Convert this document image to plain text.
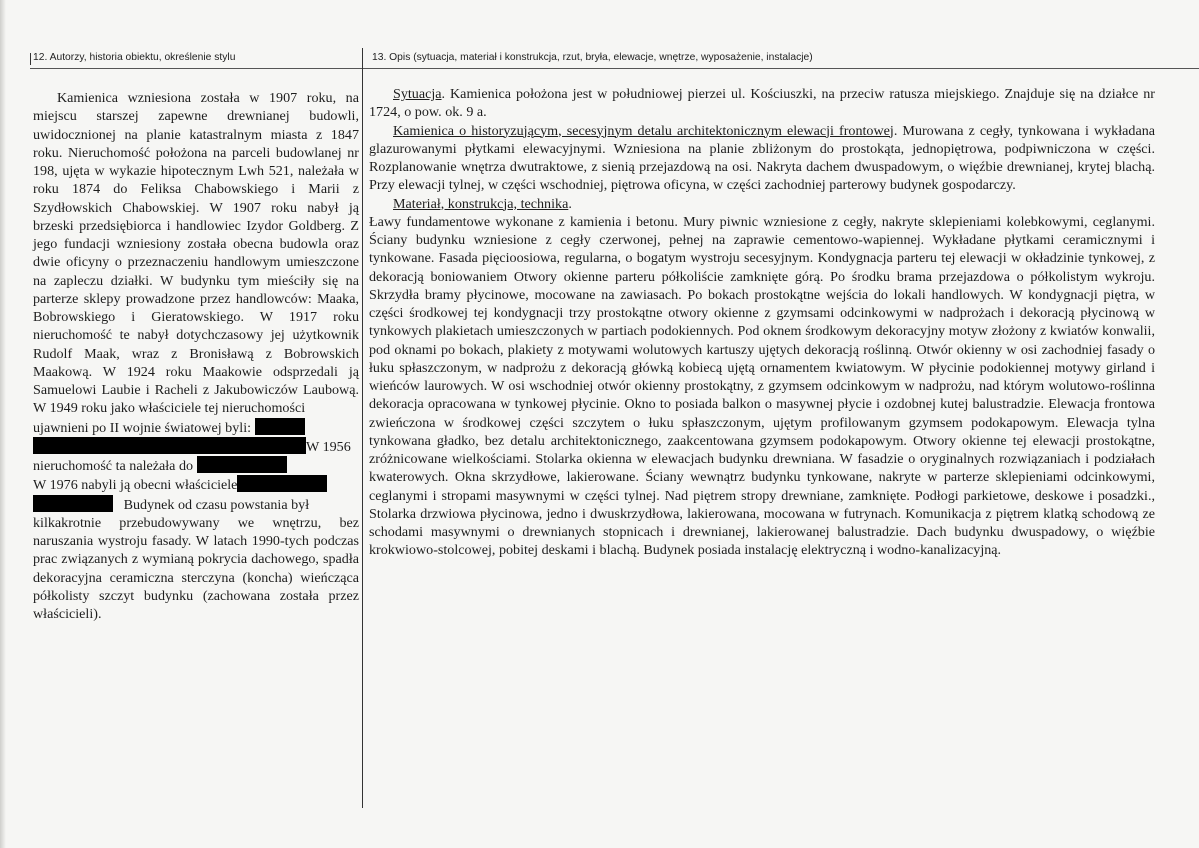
12. Autorzy, historia obiektu, określenie stylu	13. Opis (sytuacja, materiał i konstrukcja, rzut, bryła, elewacje, wnętrze, wyposażenie, instalacje)

Kamienica wzniesiona została w 1907 roku, na miejscu starszej zapewne drewnianej budowli, uwidocznionej na planie katastralnym miasta z 1847 roku. Nieruchomość położona na parceli budowlanej nr 198, ujęta w wykazie hipotecznym Lwh 521, należała w roku 1874 do Feliksa Chabowskiego i Marii z Szydłowskich Chabowskiej. W 1907 roku nabył ją brzeski przedsiębiorca i handlowiec Izydor Goldberg. Z jego fundacji wzniesiony została obecna budowla oraz dwie oficyny o przeznaczeniu handlowym umieszczone na zapleczu działki. W budynku tym mieściły się na parterze sklepy prowadzone przez handlowców: Maaka, Bobrowskiego i Gieratowskiego. W 1917 roku nieruchomość te nabył dotychczasowy jej użytkownik Rudolf Maak, wraz z Bronisławą z Bobrowskich Maakową. W 1924 roku Maakowie odsprzedali ją Samuelowi Laubie i Racheli z Jakubowiczów Laubową. W 1949 roku jako właściciele tej nieruchomości

ujawnieni po II wojnie światowej byli:
W 1956
nieruchomość ta należała do
W 1976 nabyli ją obecni właściciele
Budynek od czasu powstania był

kilkakrotnie przebudowywany we wnętrzu, bez naruszania wystroju fasady. W latach 1990-tych podczas prac związanych z wymianą pokrycia dachowego, spadła dekoracyjna ceramiczna sterczyna (koncha) wieńcząca półkolisty szczyt budynku (zachowana została przez właścicieli).

Sytuacja. Kamienica położona jest w południowej pierzei ul. Kościuszki, na przeciw ratusza miejskiego. Znajduje się na działce nr 1724, o pow. ok. 9 a.

Kamienica o historyzującym, secesyjnym detalu architektonicznym elewacji frontowej. Murowana z cegły, tynkowana i wykładana glazurowanymi płytkami elewacyjnymi. Wzniesiona na planie zbliżonym do prostokąta, jednopiętrowa, podpiwniczona w części. Rozplanowanie wnętrza dwutraktowe, z sienią przejazdową na osi. Nakryta dachem dwuspadowym, o więźbie drewnianej, krytej blachą. Przy elewacji tylnej, w części wschodniej, piętrowa oficyna, w części zachodniej parterowy budynek gospodarczy.

Materiał, konstrukcja, technika.

Ławy fundamentowe wykonane z kamienia i betonu. Mury piwnic wzniesione z cegły, nakryte sklepieniami kolebkowymi, ceglanymi. Ściany budynku wzniesione z cegły czerwonej, pełnej na zaprawie cementowo-wapiennej. Wykładane płytkami ceramicznymi i tynkowane. Fasada pięcioosiowa, regularna, o bogatym wystroju secesyjnym. Kondygnacja parteru tej elewacji w okładzinie tynkowej, z dekoracją boniowaniem Otwory okienne parteru półkoliście zamknięte górą. Po środku brama przejazdowa o półkolistym wykroju. Skrzydła bramy płycinowe, mocowane na zawiasach. Po bokach prostokątne wejścia do lokali handlowych. W kondygnacji piętra, w części środkowej tej kondygnacji trzy prostokątne otwory okienne z gzymsami odcinkowymi w nadprożach i dekoracją płycinową w tynkowych plakietach umieszczonych w partiach podokiennych. Pod oknem środkowym dekoracyjny motyw złożony z kwiatów konwalii, pod oknami po bokach, plakiety z motywami wolutowych kartuszy ujętych dekoracją roślinną. Otwór okienny w osi zachodniej fasady o łuku spłaszczonym, w nadprożu z dekoracją główką kobiecą ujętą ornamentem kwiatowym. W płycinie podokiennej motywy girland i wieńców laurowych. W osi wschodniej otwór okienny prostokątny, z gzymsem odcinkowym w nadprożu, nad którym wolutowo-roślinna dekoracja opracowana w tynkowej płycinie. Okno to posiada balkon o masywnej płycie i ozdobnej kutej balustradzie. Elewacja frontowa zwieńczona w środkowej części szczytem o łuku spłaszczonym, ujętym profilowanym gzymsem podokapowym. Elewacja tylna tynkowana gładko, bez detalu architektonicznego, zaakcentowana gzymsem podokapowym. Otwory okienne tej elewacji prostokątne, zróżnicowane wielkościami. Stolarka okienna w elewacjach budynku drewniana. W fasadzie o oryginalnych rozwiązaniach i podziałach kwaterowych. Okna skrzydłowe, lakierowane. Ściany wewnątrz budynku tynkowane, nakryte w parterze sklepieniami odcinkowymi, ceglanymi i stropami masywnymi w części tylnej. Nad piętrem stropy drewniane, zamknięte. Podłogi parkietowe, deskowe i posadzki., Stolarka drzwiowa płycinowa, jedno i dwuskrzydłowa, lakierowana, mocowana w futrynach. Komunikacja z piętrem klatką schodową ze schodami masywnymi o drewnianych stopnicach i drewnianej, lakierowanej balustradzie. Dach budynku dwuspadowy, o więźbie krokwiowo-stolcowej, pobitej deskami i blachą. Budynek posiada instalację elektryczną i wodno-kanalizacyjną.
